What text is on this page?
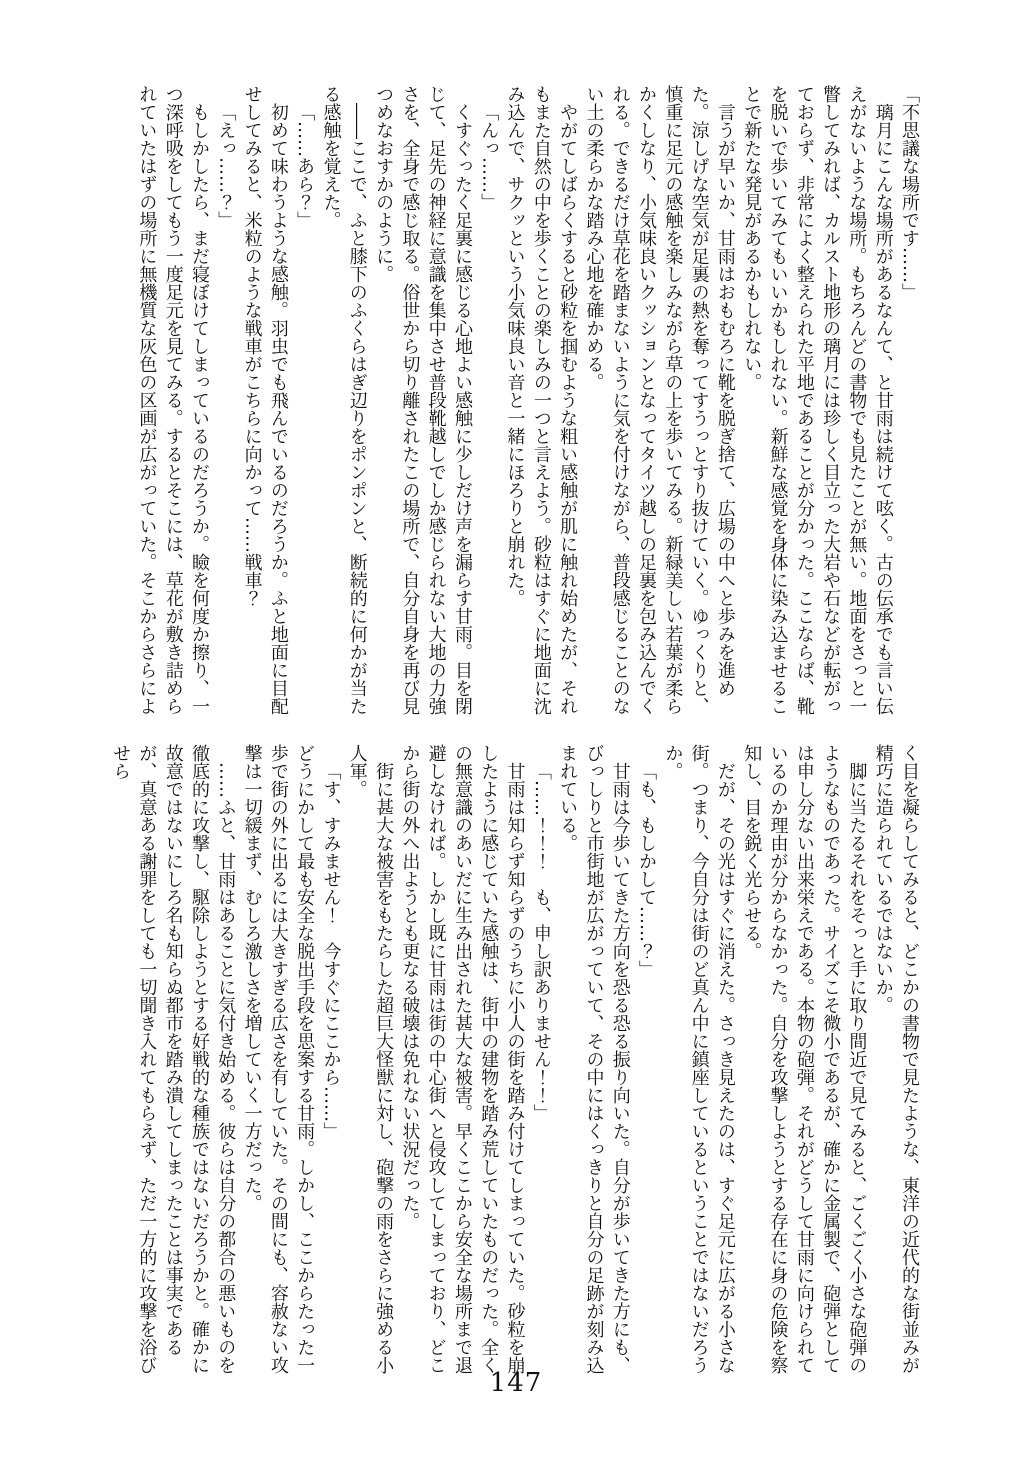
「不思議な場所です……」

璃月にこんな場所があるなんて、と甘雨は続けて呟く。古の伝承でも言い伝えがないような場所。もちろんどの書物でも見たことが無い。地面をさっと一瞥してみれば、カルスト地形の璃月には珍しく目立った大岩や石などが転がっておらず、非常によく整えられた平地であることが分かった。ここならば、靴を脱いで歩いてみてもいいかもしれない。新鮮な感覚を身体に染み込ませることで新たな発見があるかもしれない。

言うが早いか、甘雨はおもむろに靴を脱ぎ捨て、広場の中へと歩みを進めた。涼しげな空気が足裏の熱を奪ってすうっとすり抜けていく。ゆっくりと、慎重に足元の感触を楽しみながら草の上を歩いてみる。新緑美しい若葉が柔らかくしなり、小気味良いクッションとなってタイツ越しの足裏を包み込んでくれる。できるだけ草花を踏まないように気を付けながら、普段感じることのない土の柔らかな踏み心地を確かめる。

やがてしばらくすると砂粒を掴むような粗い感触が肌に触れ始めたが、それもまた自然の中を歩くことの楽しみの一つと言えよう。砂粒はすぐに地面に沈み込んで、サクッという小気味良い音と一緒にほろりと崩れた。

「んっ……」

くすぐったく足裏に感じる心地よい感触に少しだけ声を漏らす甘雨。目を閉じて、足先の神経に意識を集中させ普段靴越しでしか感じられない大地の力強さを、全身で感じ取る。俗世から切り離されたこの場所で、自分自身を再び見つめなおすかのように。

――ここで、ふと膝下のふくらはぎ辺りをポンポンと、断続的に何かが当たる感触を覚えた。

「……あら？」

初めて味わうような感触。羽虫でも飛んでいるのだろうか。ふと地面に目配せしてみると、米粒のような戦車がこちらに向かって……戦車？

「えっ……？」

もしかしたら、まだ寝ぼけてしまっているのだろうか。瞼を何度か擦り、一つ深呼吸をしてもう一度足元を見てみる。するとそこには、草花が敷き詰められていたはずの場所に無機質な灰色の区画が広がっていた。そこからさらによ

く目を凝らしてみると、どこかの書物で見たような、東洋の近代的な街並みが精巧に造られているではないか。

脚に当たるそれをそっと手に取り間近で見てみると、ごくごく小さな砲弾のようなものであった。サイズこそ微小であるが、確かに金属製で、砲弾としては申し分ない出来栄えである。本物の砲弾。それがどうして甘雨に向けられているのか理由が分からなかった。自分を攻撃しようとする存在に身の危険を察知し、目を鋭く光らせる。

だが、その光はすぐに消えた。さっき見えたのは、すぐ足元に広がる小さな街。つまり、今自分は街のど真ん中に鎮座しているということではないだろうか。

「も、もしかして……？」

甘雨は今歩いてきた方向を恐る恐る振り向いた。自分が歩いてきた方にも、びっしりと市街地が広がっていて、その中にはくっきりと自分の足跡が刻み込まれている。

「……！！！　も、申し訳ありません！！」

甘雨は知らず知らずのうちに小人の街を踏み付けてしまっていた。砂粒を崩したように感じていた感触は、街中の建物を踏み荒していたものだった。全くの無意識のあいだに生み出された甚大な被害。早くここから安全な場所まで退避しなければ。しかし既に甘雨は街の中心街へと侵攻してしまっており、どこから街の外へ出ようとも更なる破壊は免れない状況だった。

街に甚大な被害をもたらした超巨大怪獣に対し、砲撃の雨をさらに強める小人軍。

「す、すみません！　今すぐにここから……」

どうにかして最も安全な脱出手段を思案する甘雨。しかし、ここからたった一歩で街の外に出るには大きすぎる広さを有していた。その間にも、容赦ない攻撃は一切緩まず、むしろ激しさを増していく一方だった。

……ふと、甘雨はあることに気付き始める。彼らは自分の都合の悪いものを徹底的に攻撃し、駆除しようとする好戦的な種族ではないだろうかと。確かに故意ではないにしろ名も知らぬ都市を踏み潰してしまったことは事実であるが、真意ある謝罪をしても一切聞き入れてもらえず、ただ一方的に攻撃を浴びせら

147
